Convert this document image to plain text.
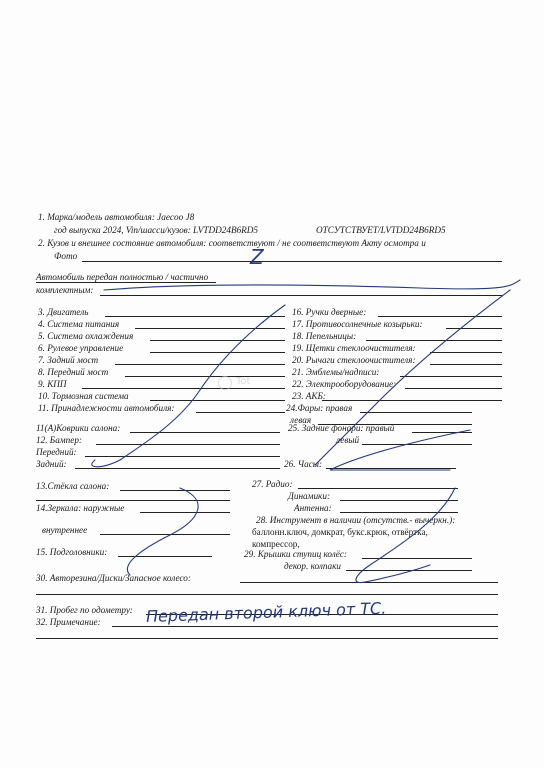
1. Марка/модель автомобиля: Jaecoo J8
год выпуска 2024, Vin/шасси/кузов: LVTDD24B6RD5	ОТСУТСТВУЕТ/LVTDD24B6RD5
2. Кузов и внешнее состояние автомобиля: соответствуют / не соответствуют Акту осмотра и
Фото	Z
Автомобиль передан полностью / частично
комплектным:
3. Двигатель
4. Система питания
5. Система охлаждения
6. Рулевое управление
7. Задний мост
8. Передний мост
9. КПП
10. Тормозная система
11. Принадлежности автомобиля:
16. Ручки дверные:
17. Противосолнечные козырьки:
18. Пепельницы:
19. Щетки стеклоочистителя:
20. Рычаги стеклоочистителя:
21. Эмблемы/надписи:
22. Электрооборудование:
23. АКБ:
24.Фары: правая
левая
11(А)Коврики салона:
12. Бампер:
Передний:
Задний:
25. Задние фонари: правый
левый
26. Часы:
13.Стёкла салона:
14.Зеркала: наружные
внутреннее
15. Подголовники:
27. Радио:
Динамики:
Антенна:
28. Инструмент в наличии (отсутств.- вычеркн.):
баллонн.ключ, домкрат, букс.крюк, отвёртка,
компрессор,
29. Крышки ступиц колёс:
декор. колпаки
30. Авторезина/Диски/Запасное колесо:
31. Пробег по одометру:
32. Примечание:	Передан второй ключ от ТС.
Tot
